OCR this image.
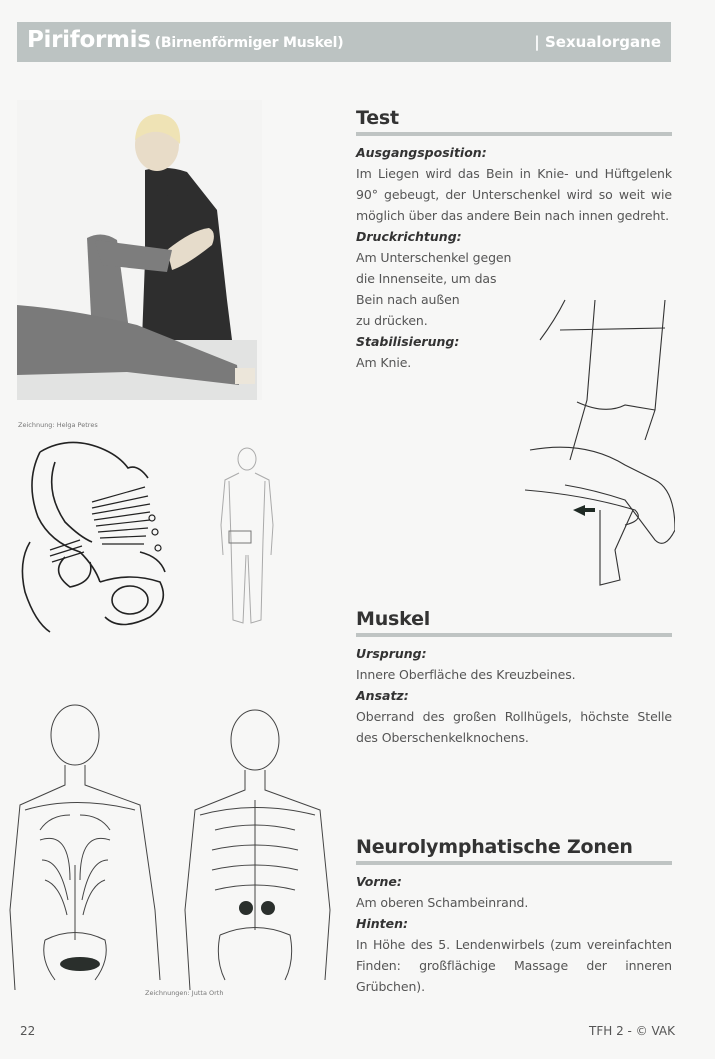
Piriformis (Birnenförmiger Muskel)	| Sexualorgane
Zeichnung: Helga Petres
Test
Ausgangsposition:
Im Liegen wird das Bein in Knie- und Hüftgelenk 90° gebeugt, der Unterschenkel wird so weit wie möglich über das andere Bein nach innen gedreht.
Druckrichtung:
Am Unterschenkel gegen
die Innenseite, um das
Bein nach außen
zu drücken.
Stabilisierung:
Am Knie.
Muskel
Ursprung:
Innere Oberfläche des Kreuzbeines.
Ansatz:
Oberrand des großen Rollhügels, höchste Stelle des Oberschenkelknochens.
Neurolymphatische Zonen
Vorne:
Am oberen Schambeinrand.
Hinten:
In Höhe des 5. Lendenwirbels (zum vereinfachten Finden: großflächige Massage der inneren Grübchen).
Zeichnungen: Jutta Orth
22	TFH 2 - © VAK
